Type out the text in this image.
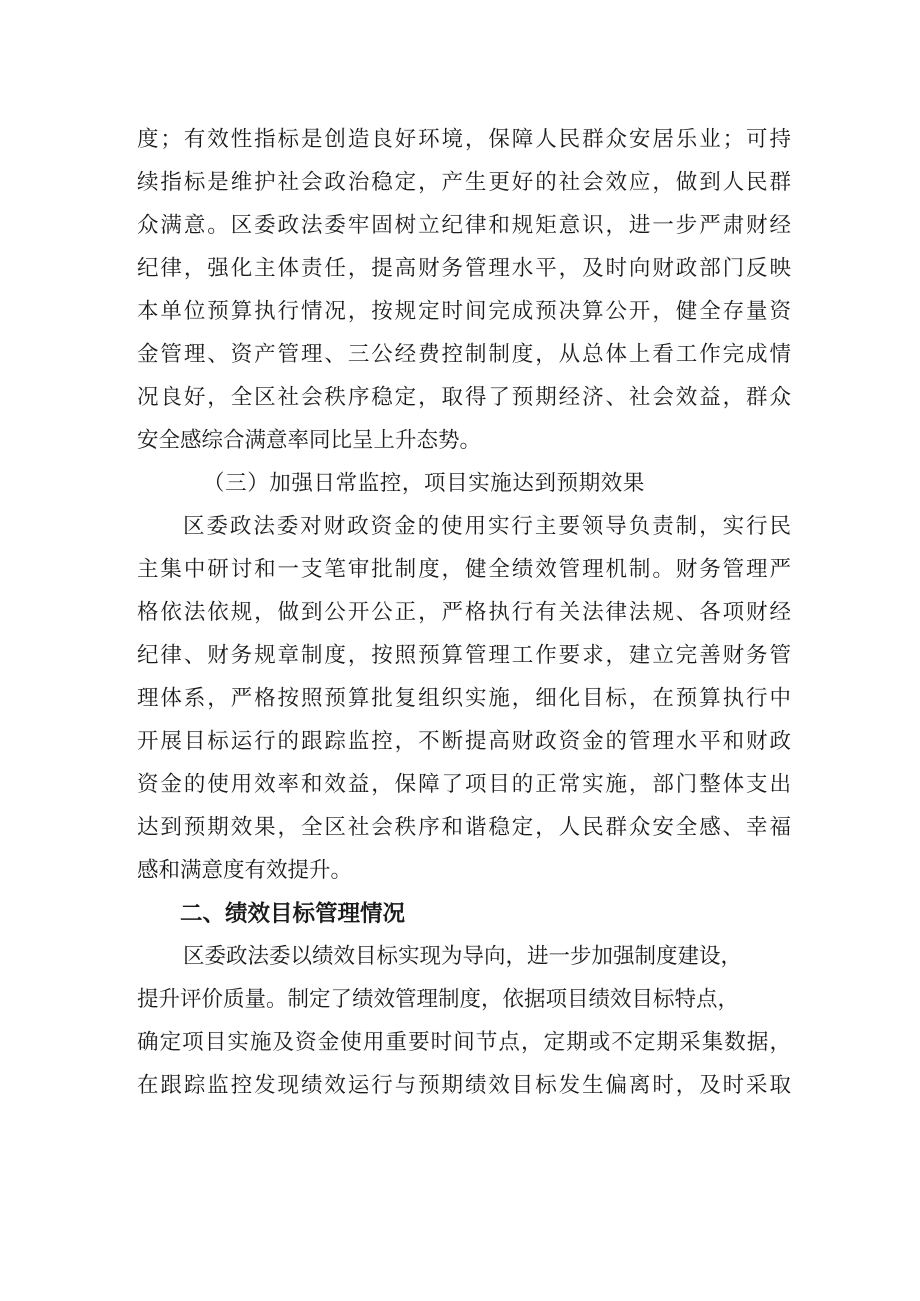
度；有效性指标是创造良好环境，保障人民群众安居乐业；可持
续指标是维护社会政治稳定，产生更好的社会效应，做到人民群
众满意。区委政法委牢固树立纪律和规矩意识，进一步严肃财经
纪律，强化主体责任，提高财务管理水平，及时向财政部门反映
本单位预算执行情况，按规定时间完成预决算公开，健全存量资
金管理、资产管理、三公经费控制制度，从总体上看工作完成情
况良好，全区社会秩序稳定，取得了预期经济、社会效益，群众
安全感综合满意率同比呈上升态势。
（三）加强日常监控，项目实施达到预期效果
区委政法委对财政资金的使用实行主要领导负责制，实行民
主集中研讨和一支笔审批制度，健全绩效管理机制。财务管理严
格依法依规，做到公开公正，严格执行有关法律法规、各项财经
纪律、财务规章制度，按照预算管理工作要求，建立完善财务管
理体系，严格按照预算批复组织实施，细化目标，在预算执行中
开展目标运行的跟踪监控，不断提高财政资金的管理水平和财政
资金的使用效率和效益，保障了项目的正常实施，部门整体支出
达到预期效果，全区社会秩序和谐稳定，人民群众安全感、幸福
感和满意度有效提升。
二、绩效目标管理情况
区委政法委以绩效目标实现为导向，进一步加强制度建设，
提升评价质量。制定了绩效管理制度，依据项目绩效目标特点，
确定项目实施及资金使用重要时间节点，定期或不定期采集数据，
在跟踪监控发现绩效运行与预期绩效目标发生偏离时，及时采取
